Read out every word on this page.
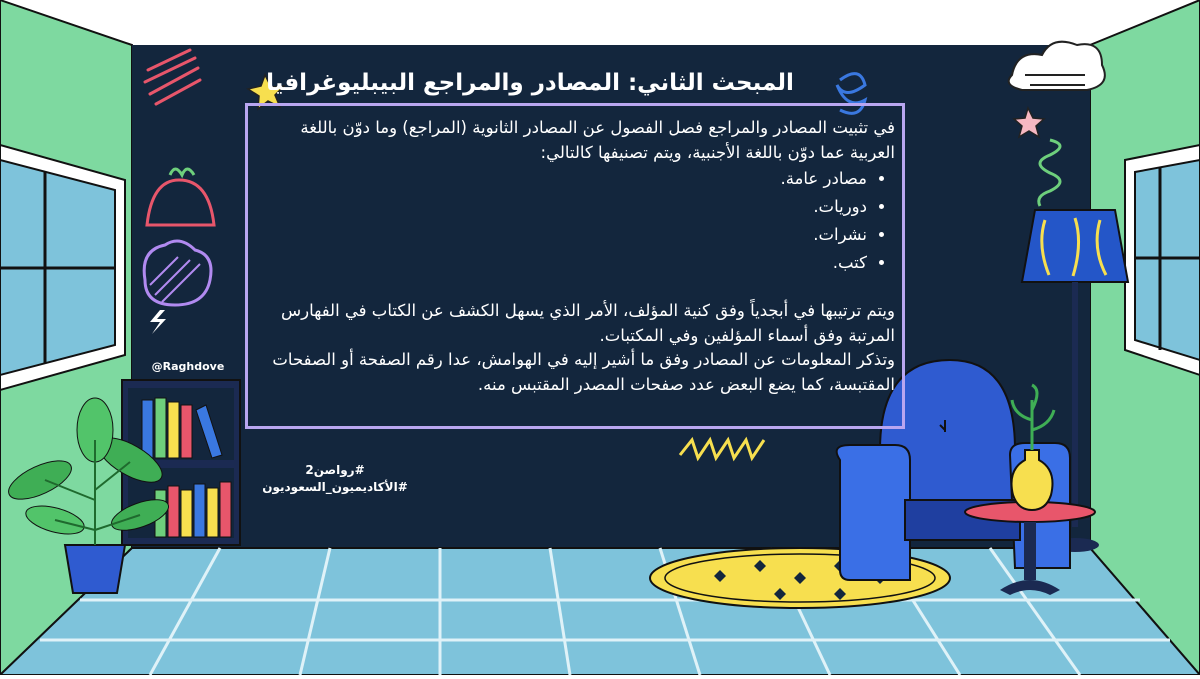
المبحث الثاني: المصادر والمراجع البيبليوغرافيا

في تثبيت المصادر والمراجع فصل الفصول عن المصادر الثانوية (المراجع) وما دوّن باللغة العربية عما دوّن باللغة الأجنبية، ويتم تصنيفها كالتالي:

• مصادر عامة.
• دوريات.
• نشرات.
• كتب.

ويتم ترتيبها في أبجدياً وفق كنية المؤلف، الأمر الذي يسهل الكشف عن الكتاب في الفهارس المرتبة وفق أسماء المؤلفين وفي المكتبات.

وتذكر المعلومات عن المصادر وفق ما أشير إليه في الهوامش، عدا رقم الصفحة أو الصفحات المقتبسة، كما يضع البعض عدد صفحات المصدر المقتبس منه.

@Raghdove
#رواصن2
#الأكاديميون_السعوديون
